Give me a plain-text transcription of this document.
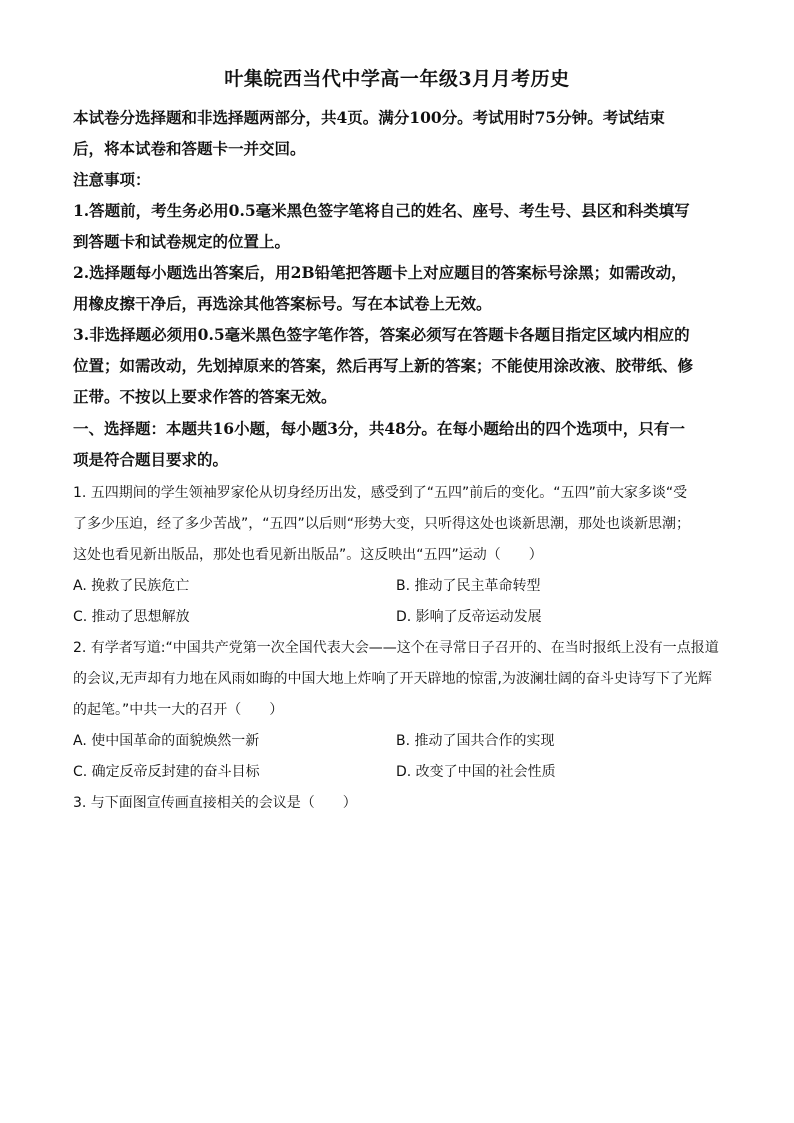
叶集皖西当代中学高一年级3月月考历史

本试卷分选择题和非选择题两部分，共4页。满分100分。考试用时75分钟。考试结束

后，将本试卷和答题卡一并交回。

注意事项：

1.答题前，考生务必用0.5毫米黑色签字笔将自己的姓名、座号、考生号、县区和科类填写

到答题卡和试卷规定的位置上。

2.选择题每小题选出答案后，用2B铅笔把答题卡上对应题目的答案标号涂黑；如需改动，

用橡皮擦干净后，再选涂其他答案标号。写在本试卷上无效。

3.非选择题必须用0.5毫米黑色签字笔作答，答案必须写在答题卡各题目指定区域内相应的

位置；如需改动，先划掉原来的答案，然后再写上新的答案；不能使用涂改液、胶带纸、修

正带。不按以上要求作答的答案无效。

一、选择题：本题共16小题，每小题3分，共48分。在每小题给出的四个选项中，只有一

项是符合题目要求的。

1. 五四期间的学生领袖罗家伦从切身经历出发，感受到了“五四”前后的变化。“五四”前大家多谈“受

了多少压迫，经了多少苦战”，“五四”以后则“形势大变，只听得这处也谈新思潮，那处也谈新思潮；

这处也看见新出版品，那处也看见新出版品”。这反映出“五四”运动（　　）

A. 挽救了民族危亡	B. 推动了民主革命转型
C. 推动了思想解放	D. 影响了反帝运动发展

2. 有学者写道:“中国共产党第一次全国代表大会——这个在寻常日子召开的、在当时报纸上没有一点报道

的会议,无声却有力地在风雨如晦的中国大地上炸响了开天辟地的惊雷,为波澜壮阔的奋斗史诗写下了光辉

的起笔。”中共一大的召开（　　）

A. 使中国革命的面貌焕然一新	B. 推动了国共合作的实现
C. 确定反帝反封建的奋斗目标	D. 改变了中国的社会性质

3. 与下面图宣传画直接相关的会议是（　　）
